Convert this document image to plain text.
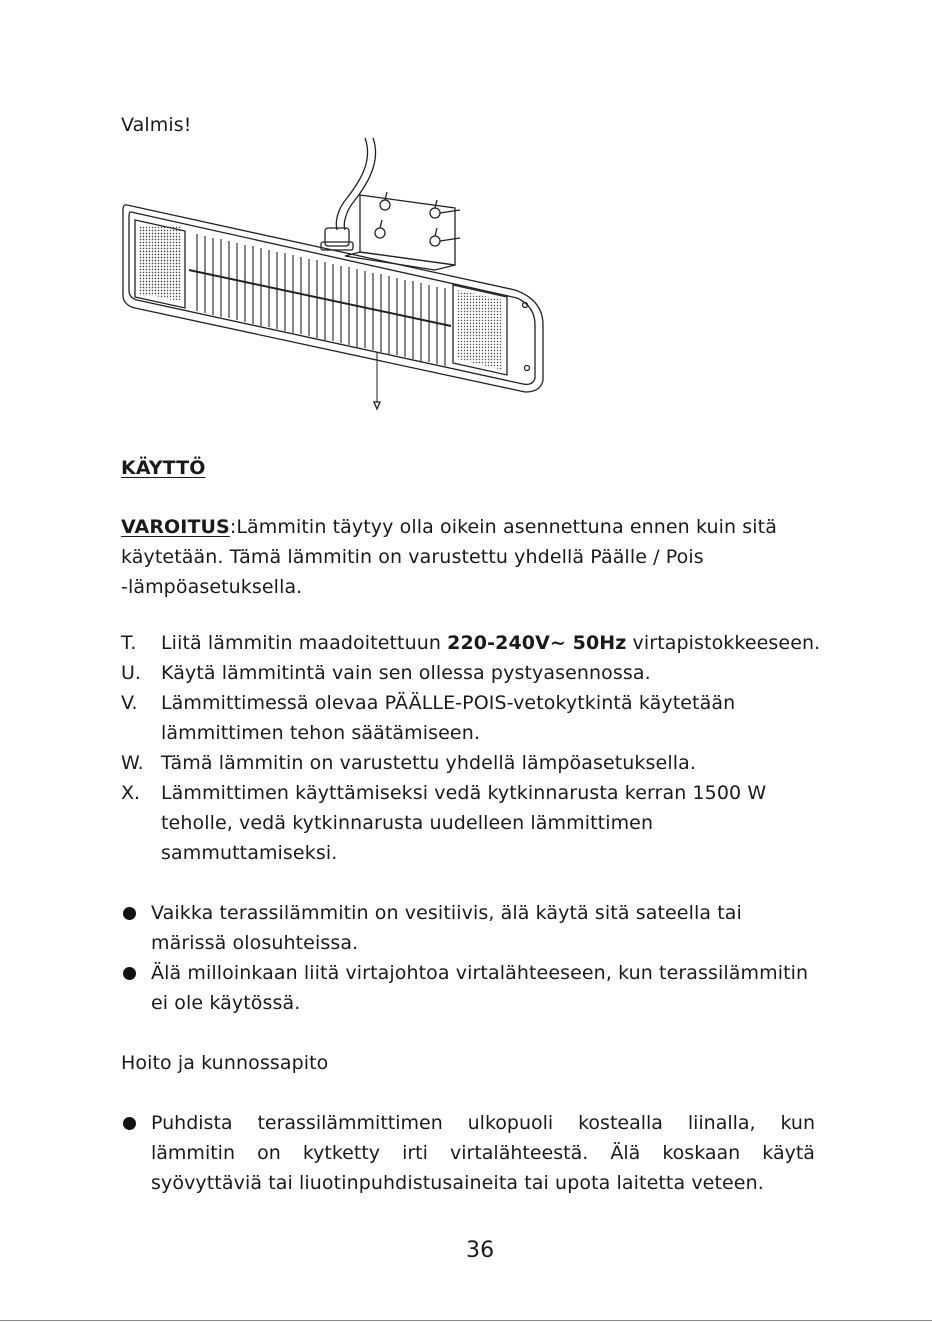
Valmis!
KÄYTTÖ
VAROITUS:Lämmitin täytyy olla oikein asennettuna ennen kuin sitä
käytetään. Tämä lämmitin on varustettu yhdellä Päälle / Pois
-lämpöasetuksella.
T.	Liitä lämmitin maadoitettuun 220-240V~ 50Hz virtapistokkeeseen.
U.	Käytä lämmitintä vain sen ollessa pystyasennossa.
V.	Lämmittimessä olevaa PÄÄLLE-POIS-vetokytkintä käytetään
lämmittimen tehon säätämiseen.
W. Tämä lämmitin on varustettu yhdellä lämpöasetuksella.
X.	Lämmittimen käyttämiseksi vedä kytkinnarusta kerran 1500 W
teholle, vedä kytkinnarusta uudelleen lämmittimen
sammuttamiseksi.
Vaikka terassilämmitin on vesitiivis, älä käytä sitä sateella tai
märissä olosuhteissa.
Älä milloinkaan liitä virtajohtoa virtalähteeseen, kun terassilämmitin
ei ole käytössä.
Hoito ja kunnossapito
Puhdista terassilämmittimen ulkopuoli kostealla liinalla, kun
lämmitin on kytketty irti virtalähteestä. Älä koskaan käytä
syövyttäviä tai liuotinpuhdistusaineita tai upota laitetta veteen.
36
